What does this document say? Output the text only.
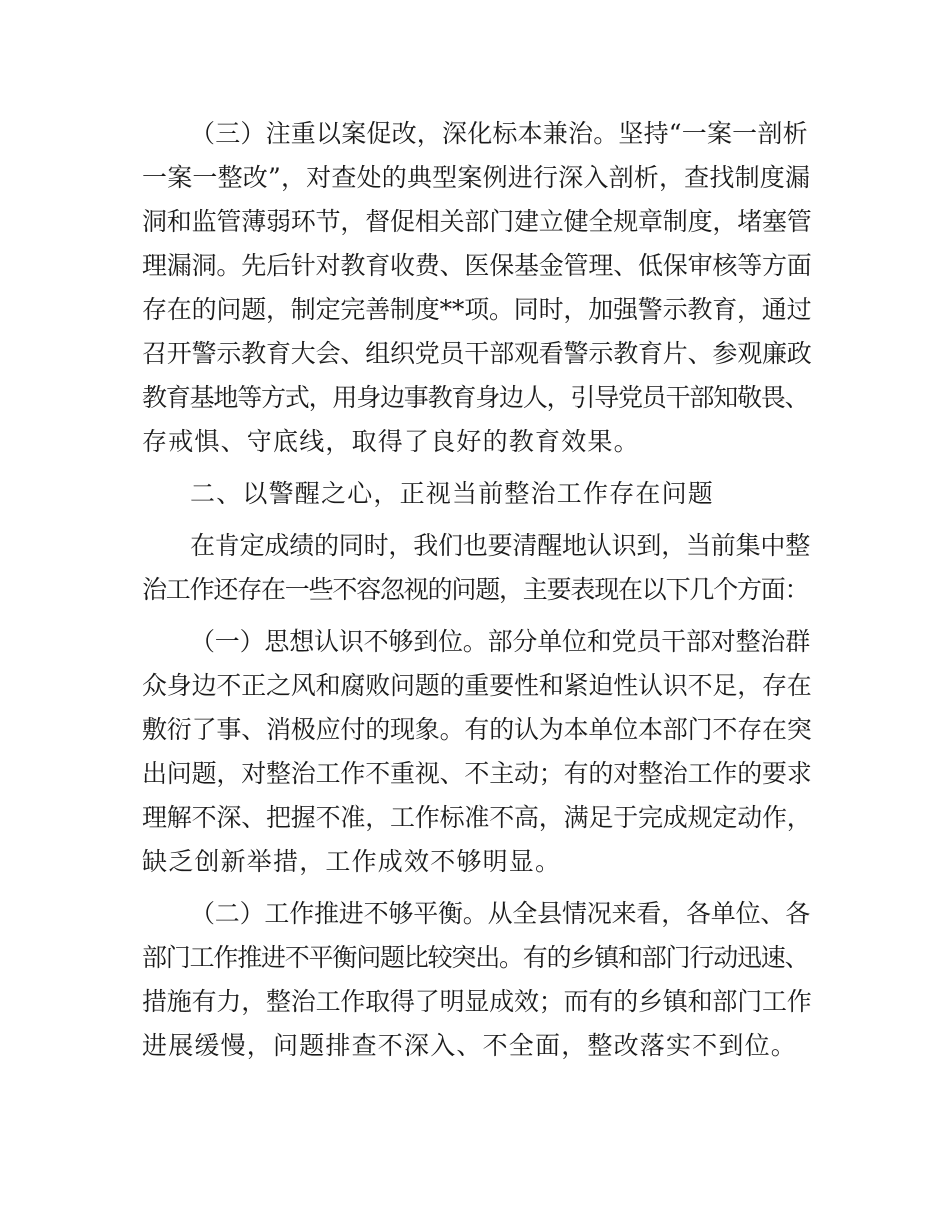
（三）注重以案促改，深化标本兼治。坚持“一案一剖析
一案一整改”，对查处的典型案例进行深入剖析，查找制度漏
洞和监管薄弱环节，督促相关部门建立健全规章制度，堵塞管
理漏洞。先后针对教育收费、医保基金管理、低保审核等方面
存在的问题，制定完善制度**项。同时，加强警示教育，通过
召开警示教育大会、组织党员干部观看警示教育片、参观廉政
教育基地等方式，用身边事教育身边人，引导党员干部知敬畏、
存戒惧、守底线，取得了良好的教育效果。
二、以警醒之心，正视当前整治工作存在问题
在肯定成绩的同时，我们也要清醒地认识到，当前集中整
治工作还存在一些不容忽视的问题，主要表现在以下几个方面：
（一）思想认识不够到位。部分单位和党员干部对整治群
众身边不正之风和腐败问题的重要性和紧迫性认识不足，存在
敷衍了事、消极应付的现象。有的认为本单位本部门不存在突
出问题，对整治工作不重视、不主动；有的对整治工作的要求
理解不深、把握不准，工作标准不高，满足于完成规定动作，
缺乏创新举措，工作成效不够明显。
（二）工作推进不够平衡。从全县情况来看，各单位、各
部门工作推进不平衡问题比较突出。有的乡镇和部门行动迅速、
措施有力，整治工作取得了明显成效；而有的乡镇和部门工作
进展缓慢，问题排查不深入、不全面，整改落实不到位。
